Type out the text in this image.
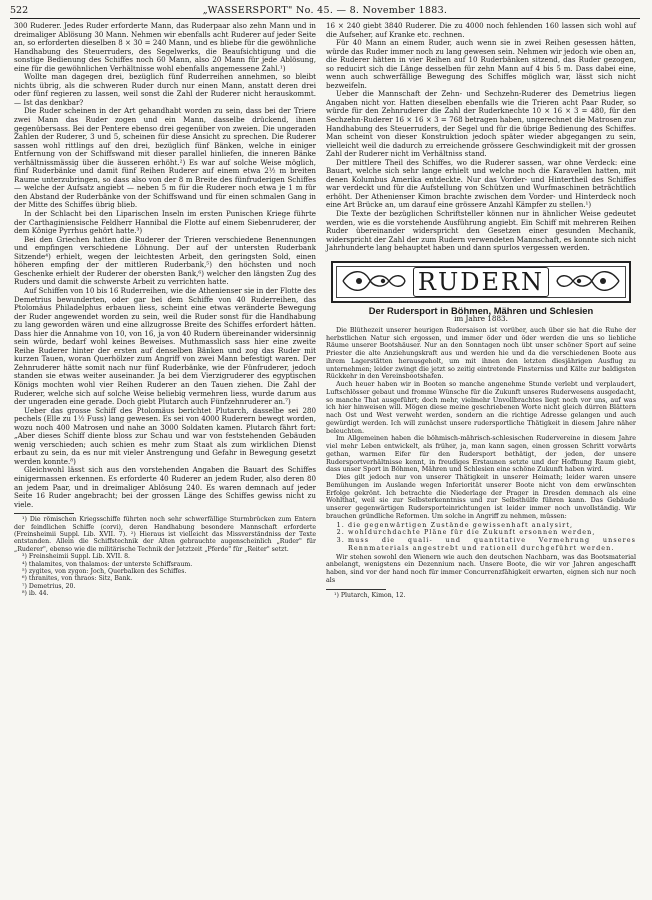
522	„WASSERSPORT" No. 45. — 8. November 1883.

300 Ruderer. Jedes Ruder erforderte Mann, das Ruderpaar also zehn Mann und in dreimaliger Ablösung 30 Mann. Nehmen wir ebenfalls acht Ruderer auf jeder Seite an, so erforderten dieselben 8 × 30 = 240 Mann, und es bliebe für die gewöhnliche Handhabung des Steuerruders, des Segelwerks, die Beaufsichtigung und die sonstige Bedienung des Schiffes noch 60 Mann, also 20 Mann für jede Ablösung, eine für die gewöhnlichen Verhältnisse wohl ebenfalls angemessene Zahl.¹)

Wollte man dagegen drei, bezüglich fünf Ruderreihen annehmen, so bleibt nichts übrig, als die schweren Ruder durch nur einen Mann, anstatt deren drei oder fünf regieren zu lassen, weil sonst die Zahl der Ruderer nicht herauskommt. — Ist das denkbar?

Die Ruder scheinen in der Art gehandhabt worden zu sein, dass bei der Triere zwei Mann das Ruder zogen und ein Mann, dasselbe drückend, ihnen gegenübersass. Bei der Pentere ebenso drei gegenüber von zweien. Die ungeraden Zahlen der Ruderer, 3 und 5, scheinen für diese Ansicht zu sprechen. Die Ruderer sassen wohl rittlings auf den drei, bezüglich fünf Bänken, welche in einiger Entfernung von der Schiffswand mit dieser parallel hinliefen, die inneren Bänke verhältnissmässig über die äusseren erhöht.²) Es war auf solche Weise möglich, fünf Ruderbänke und damit fünf Reihen Ruderer auf einem etwa 2½ m breiten Raume unterzubringen, so dass also von der 8 m Breite des fünfruderigen Schiffes — welche der Aufsatz angiebt — neben 5 m für die Ruderer noch etwa je 1 m für den Abstand der Ruderbänke von der Schiffswand und für einen schmalen Gang in der Mitte des Schiffes übrig blieb.

In der Schlacht bei den Liparischen Inseln im ersten Punischen Kriege führte der Carthaginiensische Feldherr Hannibal die Flotte auf einem Siebenruderer, der dem Könige Pyrrhus gehört hatte.³)

Bei den Griechen hatten die Ruderer der Trieren verschiedene Benennungen und empfingen verschiedene Löhnung. Der auf der untersten Ruderbank Sitzende⁴) erhielt, wegen der leichtesten Arbeit, den geringsten Sold, einen höheren empfing der der mittleren Ruderbank,⁵) den höchsten und noch Geschenke erhielt der Ruderer der obersten Bank,⁶) welcher den längsten Zug des Ruders und damit die schwerste Arbeit zu verrichten hatte.

Auf Schiffen von 10 bis 16 Ruderreihen, wie die Athenienser sie in der Flotte des Demetrius bewunderten, oder gar bei dem Schiffe von 40 Ruderreihen, das Ptolomäus Philadelphus erbauen liess, scheint eine etwas veränderte Bewegung der Ruder angewendet worden zu sein, weil die Ruder sonst für die Handhabung zu lang geworden wären und eine allzugrosse Breite des Schiffes erfordert hätten. Dass hier die Annahme von 10, von 16, ja von 40 Rudern übereinander widersinnig sein würde, bedarf wohl keines Beweises. Muthmasslich sass hier eine zweite Reihe Ruderer hinter der ersten auf denselben Bänken und zog das Ruder mit kurzen Tauen, woran Querhölzer zum Angriff von zwei Mann befestigt waren. Der Zehnruderer hätte somit nach nur fünf Ruderbänke, wie der Fünfruderer, jedoch standen sie etwas weiter auseinander. Ja bei dem Vierzigruderer des egyptischen Königs mochten wohl vier Reihen Ruderer an den Tauen ziehen. Die Zahl der Ruderer, welche sich auf solche Weise beliebig vermehren liess, wurde darum aus der ungeraden eine gerade. Doch giebt Plutarch auch Fünfzehnruderer an.⁷)

Ueber das grosse Schiff des Ptolomäus berichtet Plutarch, dasselbe sei 280 pechels (Elle zu 1½ Fuss) lang gewesen. Es sei von 4000 Ruderern bewegt worden, wozu noch 400 Matrosen und nahe an 3000 Soldaten kamen. Plutarch fährt fort: „Aber dieses Schiff diente bloss zur Schau und war von feststehenden Gebäuden wenig verschieden; auch schien es mehr zum Staat als zum wirklichen Dienst erbaut zu sein, da es nur mit vieler Anstrengung und Gefahr in Bewegung gesetzt werden konnte.⁸)

Gleichwohl lässt sich aus den vorstehenden Angaben die Bauart des Schiffes einigermassen erkennen. Es erforderte 40 Ruderer an jedem Ruder, also deren 80 an jedem Paar, und in dreimaliger Ablösung 240. Es waren demnach auf jeder Seite 16 Ruder angebracht; bei der grossen Länge des Schiffes gewiss nicht zu viele.

¹) Die römischen Kriegsschiffe führten noch sehr schwerfällige Sturmbrücken zum Entern der feindlichen Schiffe (corvi), deren Handhabung besondere Mannschaft erforderte (Freinsheimii Suppl. Lib. XVII. 7). ²) Hieraus ist vielleicht das Missverständniss der Texte entstanden. Allein die Schiffstechnik der Alten gebrauchte augenscheinlich „Ruder" für „Ruderer", ebenso wie die militärische Technik der Jetztzeit „Pferde" für „Reiter" setzt.

³) Freinsheimii Suppl. Lib. XVII. 8.

⁴) thalamites, von thalamos: der unterste Schiffsraum.

⁵) zygites, von zygon: Joch, Querbalken des Schiffes.

⁶) thranites, von thraos: Sitz, Bank.

⁷) Demetrius, 20.

⁸) ib. 44.

16 × 240 giebt 3840 Ruderer. Die zu 4000 noch fehlenden 160 lassen sich wohl auf die Aufseher, auf Kranke etc. rechnen.

Für 40 Mann an einem Ruder, auch wenn sie in zwei Reihen gesessen hätten, würde das Ruder immer noch zu lang gewesen sein. Nehmen wir jedoch wie oben an, die Ruderer hätten in vier Reihen auf 10 Ruderbänken sitzend, das Ruder gezogen, so reducirt sich die Länge desselben für zehn Mann auf 4 bis 5 m. Dass dabei eine, wenn auch schwerfällige Bewegung des Schiffes möglich war, lässt sich nicht bezweifeln.

Ueber die Mannschaft der Zehn- und Sechzehn-Ruderer des Demetrius liegen Angaben nicht vor. Hatten dieselben ebenfalls wie die Trieren acht Paar Ruder, so würde für den Zehnruderer die Zahl der Ruderknechte 10 × 16 × 3 = 480, für den Sechzehn-Ruderer 16 × 16 × 3 = 768 betragen haben, ungerechnet die Matrosen zur Handhabung des Steuerruders, der Segel und für die übrige Bedienung des Schiffes. Man scheint von dieser Konstruktion jedoch später wieder abgegangen zu sein, vielleicht weil die dadurch zu erreichende grössere Geschwindigkeit mit der grossen Zahl der Ruderer nicht im Verhältniss stand.

Der mittlere Theil des Schiffes, wo die Ruderer sassen, war ohne Verdeck: eine Bauart, welche sich sehr lange erhielt und welche noch die Karavellen hatten, mit denen Kolumbus Amerika entdeckte. Nur das Vorder- und Hintertheil des Schiffes war verdeckt und für die Aufstellung von Schützen und Wurfmaschinen beträchtlich erhöht. Der Athenienser Kimon brachte zwischen dem Vorder- und Hinterdeck noch eine Art Brücke an, um darauf eine grössere Anzahl Kämpfer zu stellen.¹)

Die Texte der bezüglichen Schriftsteller können nur in ähnlicher Weise gedeutet werden, wie es die vorstehende Ausführung angiebt. Ein Schiff mit mehreren Reihen Ruder übereinander widerspricht den Gesetzen einer gesunden Mechanik, widerspricht der Zahl der zum Rudern verwendeten Mannschaft, es konnte sich nicht Jahrhunderte lang behauptet haben und dann spurlos vergessen werden.

RUDERN
Der Rudersport in Böhmen, Mähren und Schlesien
im Jahre 1883.

Die Blüthezeit unserer heurigen Rudersaison ist vorüber, auch über sie hat die Ruhe der herbstlichen Natur sich ergossen, und immer öder und öder werden die uns so liebliche Räume unserer Bootshäuser. Nur an den Sonntagen noch übt unser schöner Sport auf seine Priester die alte Anziehungskraft aus und werden hie und da die verschiedenen Boote aus ihrem Lagerstätten herausgeholt, um mit ihnen den letzten diesjährigen Ausflug zu unternehmen; leider zwingt die jetzt so zeitig eintretende Finsterniss und Kälte zur baldigsten Rückkehr in den Vereinsbootshafen.

Auch heuer haben wir in Booten so manche angenehme Stunde verlebt und verplaudert, Luftschlösser gebaut und fromme Wünsche für die Zukunft unseres Ruderwesens ausgedacht, so manche That ausgeführt; doch mehr, vielmehr Unvollbrachtes liegt noch vor uns, auf was ich hier hinweisen will. Mögen diese meine geschriebenen Worte nicht gleich dürren Blättern nach Ost und West verweht werden, sondern an die richtige Adresse gelangen und auch gewürdigt werden. Ich will zunächst unsere rudersportliche Thätigkeit in diesem Jahre näher beleuchten.

Im Allgemeinen haben die böhmisch-mährisch-schlesischen Rudervereine in diesem Jahre viel mehr Leben entwickelt, als früher, ja, man kann sagen, einen grossen Schritt vorwärts gethan, warmen Eifer für den Rudersport bethätigt, der jeden, der unsere Rudersportverhältnisse kennt, in freudiges Erstaunen setzte und der Hoffnung Raum giebt, dass unser Sport in Böhmen, Mähren und Schlesien eine schöne Zukunft haben wird.

Dies gilt jedoch nur von unserer Thätigkeit in unserer Heimath; leider waren unsere Bemühungen im Auslande wegen Inferiorität unserer Boote nicht von dem erwünschten Erfolge gekrönt. Ich betrachte die Niederlage der Prager in Dresden demnach als eine Wohlthat, weil sie zur Selbsterkenntniss und zur Selbsthülfe führen kann. Das Gebäude unserer gegenwärtigen Rudersporteinrichtungen ist leider immer noch unvollständig. Wir brauchen gründliche Reformen. Um solche in Angriff zu nehmen, müssen:

1. die gegenwärtigen Zustände gewissenhaft analysirt,
2. wohldurchdachte Pläne für die Zukunft ersonnen werden,
3. muss die quali- und quantitative Vermehrung unseres Rennmaterials angestrebt und rationell durchgeführt werden.

Wir stehen sowohl den Wienern wie auch den deutschen Nachbarn, was das Bootsmaterial anbelangt, wenigstens ein Dezennium nach. Unsere Boote, die wir vor Jahren angeschafft haben, sind vor der hand noch für immer Concurrenzfähigkeit erwarten, eignen sich nur noch als

¹) Plutarch, Kimon, 12.
